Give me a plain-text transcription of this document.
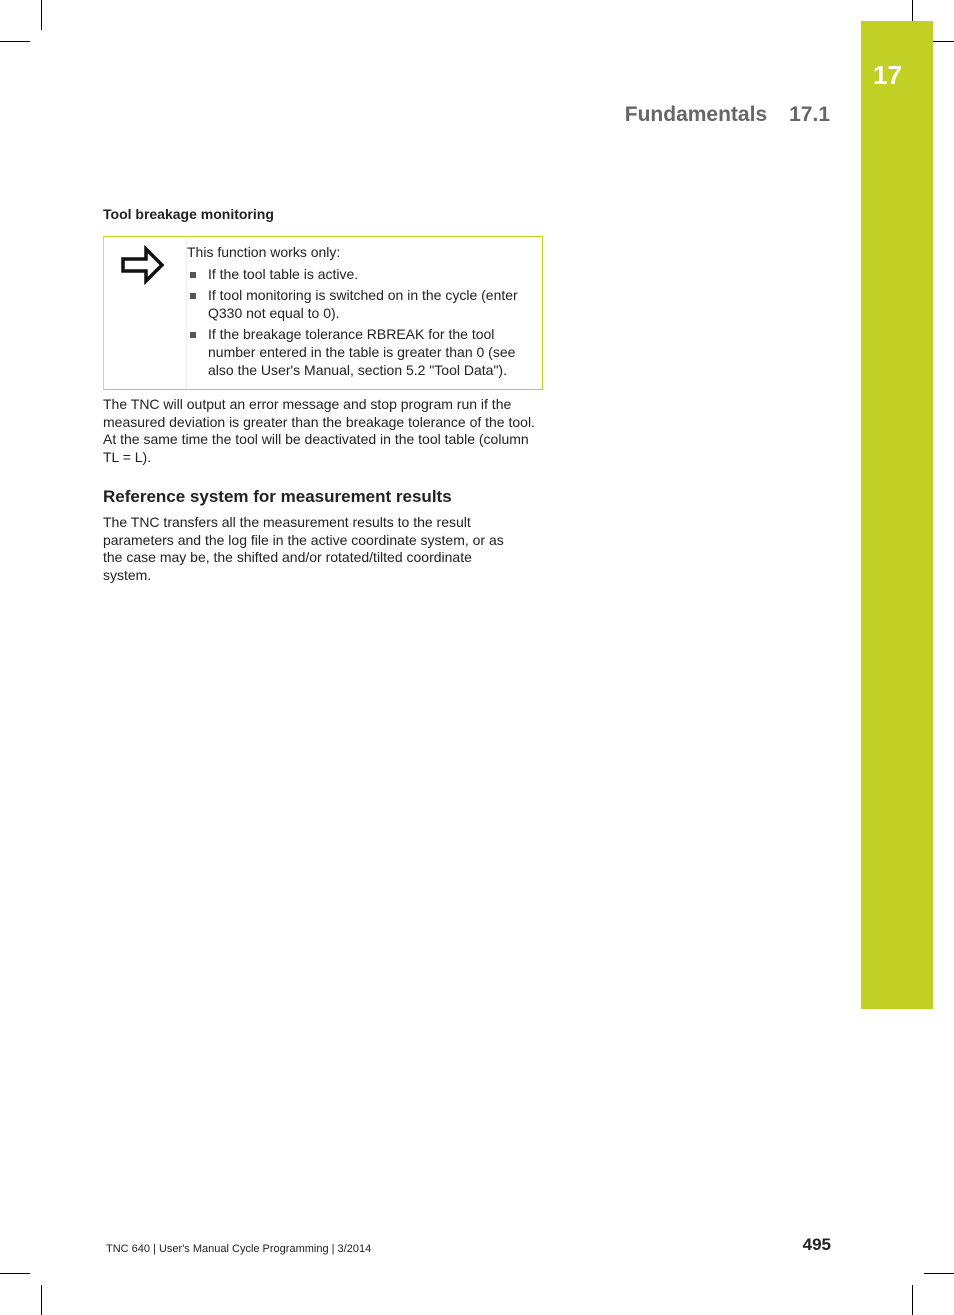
17
Fundamentals 17.1
Tool breakage monitoring
This function works only:
If the tool table is active.
If tool monitoring is switched on in the cycle (enter Q330 not equal to 0).
If the breakage tolerance RBREAK for the tool number entered in the table is greater than 0 (see also the User's Manual, section 5.2 "Tool Data").
The TNC will output an error message and stop program run if the measured deviation is greater than the breakage tolerance of the tool. At the same time the tool will be deactivated in the tool table (column TL = L).
Reference system for measurement results
The TNC transfers all the measurement results to the result parameters and the log file in the active coordinate system, or as the case may be, the shifted and/or rotated/tilted coordinate system.
TNC 640 | User's Manual Cycle Programming | 3/2014	495
